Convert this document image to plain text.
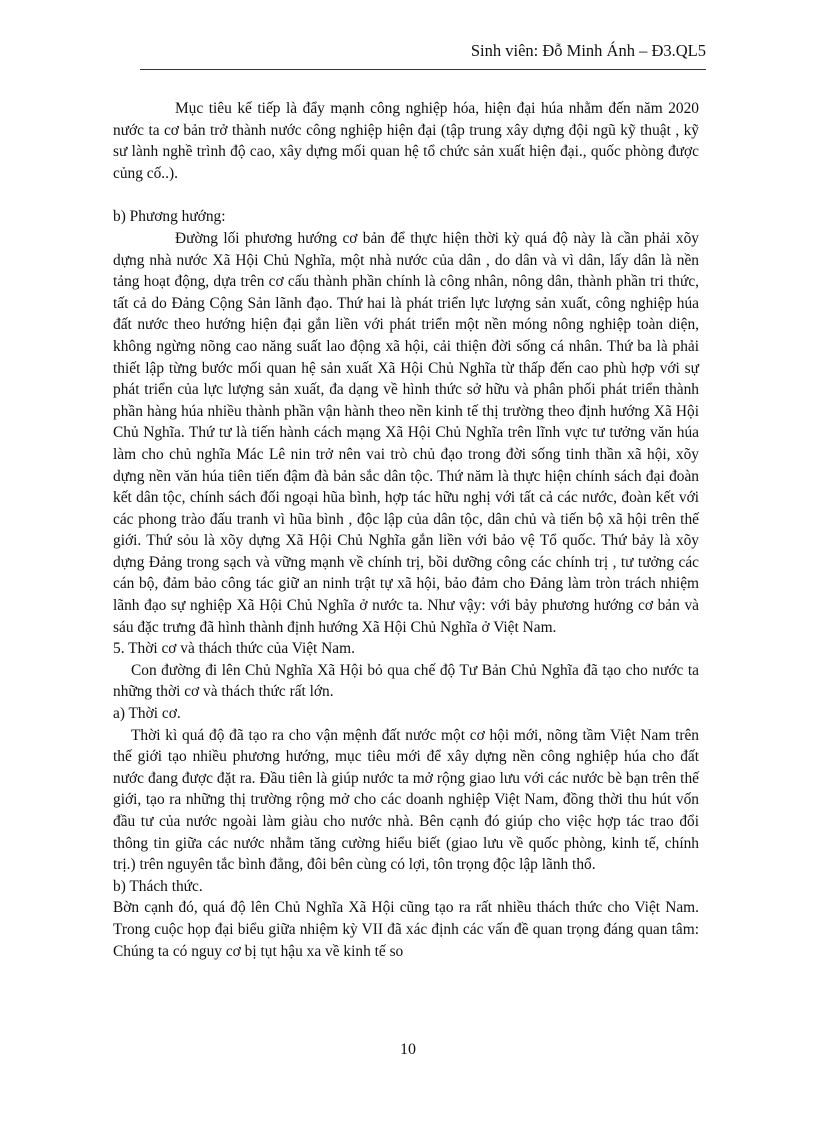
Sinh viên: Đỗ Minh Ánh – Đ3.QL5

Mục tiêu kế tiếp là đẩy mạnh công nghiệp hóa, hiện đại húa nhằm đến năm 2020 nước ta cơ bản trở thành nước công nghiệp hiện đại (tập trung xây dựng đội ngũ kỹ thuật , kỹ sư lành nghề trình độ cao, xây dựng mối quan hệ tổ chức sản xuất hiện đại., quốc phòng được củng cố..).

b) Phương hướng:

Đường lối phương hướng cơ bản để thực hiện thời kỳ quá độ này là cần phải xõy dựng nhà nước Xã Hội Chủ Nghĩa, một nhà nước của dân , do dân và vì dân, lấy dân là nền tảng hoạt động, dựa trên cơ cấu thành phần chính là công nhân, nông dân, thành phần tri thức, tất cả do Đảng Cộng Sản lãnh đạo. Thứ hai là phát triển lực lượng sản xuất, công nghiệp húa đất nước theo hướng hiện đại gắn liền với phát triển một nền móng nông nghiệp toàn diện, không ngừng nõng cao năng suất lao động xã hội, cải thiện đời sống cá nhân. Thứ ba là phải thiết lập từng bước mối quan hệ sản xuất Xã Hội Chủ Nghĩa từ thấp đến cao phù hợp với sự phát triển của lực lượng sản xuất, đa dạng về hình thức sở hữu và phân phối phát triển thành phần hàng húa nhiều thành phần vận hành theo nền kinh tế thị trường theo định hướng Xã Hội Chủ Nghĩa. Thứ tư là tiến hành cách mạng Xã Hội Chủ Nghĩa trên lĩnh vực tư tưởng văn húa làm cho chủ nghĩa Mác Lê nin trở nên vai trò chủ đạo trong đời sống tinh thần xã hội, xõy dựng nền văn húa tiên tiến đậm đà bản sắc dân tộc. Thứ năm là thực hiện chính sách đại đoàn kết dân tộc, chính sách đối ngoại hũa bình, hợp tác hữu nghị với tất cả các nước, đoàn kết với các phong trào đấu tranh vì hũa bình , độc lập của dân tộc, dân chủ và tiến bộ xã hội trên thế giới. Thứ sỏu là xõy dựng Xã Hội Chủ Nghĩa gắn liền với bảo vệ Tổ quốc. Thứ bảy là xõy dựng Đảng trong sạch và vững mạnh về chính trị, bồi dưỡng công các chính trị , tư tưởng các cán bộ, đảm bảo công tác giữ an ninh trật tự xã hội, bảo đảm cho Đảng làm tròn trách nhiệm lãnh đạo sự nghiệp Xã Hội Chủ Nghĩa ở nước ta. Như vậy: với bảy phương hướng cơ bản và sáu đặc trưng đã hình thành định hướng Xã Hội Chủ Nghĩa ở Việt Nam.

5. Thời cơ và thách thức của Việt Nam.

Con đường đi lên Chủ Nghĩa Xã Hội bỏ qua chế độ Tư Bản Chủ Nghĩa đã tạo cho nước ta những thời cơ và thách thức rất lớn.

a) Thời cơ.

Thời kì quá độ đã tạo ra cho vận mệnh đất nước một cơ hội mới, nõng tầm Việt Nam trên thế giới tạo nhiều phương hướng, mục tiêu mới để xây dựng nền công nghiệp húa cho đất nước đang được đặt ra. Đầu tiên là giúp nước ta mở rộng giao lưu với các nước bè bạn trên thế giới, tạo ra những thị trường rộng mở cho các doanh nghiệp Việt Nam, đồng thời thu hút vốn đầu tư của nước ngoài làm giàu cho nước nhà. Bên cạnh đó giúp cho việc hợp tác trao đổi thông tin giữa các nước nhằm tăng cường hiểu biết (giao lưu về quốc phòng, kinh tế, chính trị.) trên nguyên tắc bình đẳng, đôi bên cùng có lợi, tôn trọng độc lập lãnh thổ.

b) Thách thức.

Bờn cạnh đó, quá độ lên Chủ Nghĩa Xã Hội cũng tạo ra rất nhiều thách thức cho Việt Nam. Trong cuộc họp đại biểu giữa nhiệm kỳ VII đã xác định các vấn đề quan trọng đáng quan tâm: Chúng ta có nguy cơ bị tụt hậu xa về kinh tế so

10
